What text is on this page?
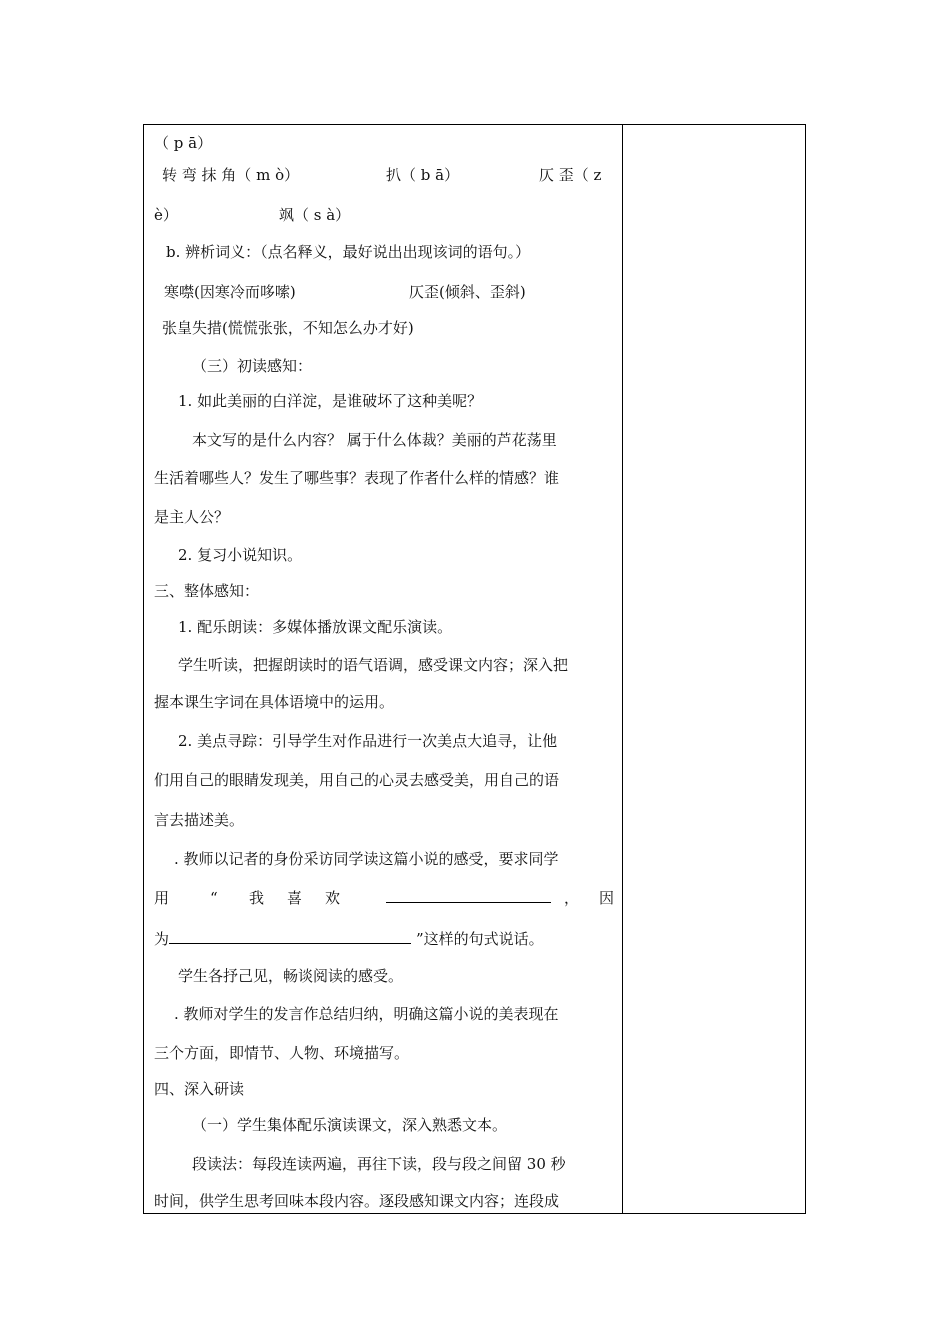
（ p ā）
转 弯 抹 角（ m ò）	扒（ b ā）	仄 歪（ z
è）	飒（ s à）
b. 辨析词义：（点名释义，最好说出出现该词的语句。）
寒噤(因寒冷而哆嗦)	仄歪(倾斜、歪斜)
张皇失措(慌慌张张，不知怎么办才好)
（三）初读感知：
1. 如此美丽的白洋淀，是谁破坏了这种美呢？
本文写的是什么内容？ 属于什么体裁？美丽的芦花荡里
生活着哪些人？发生了哪些事？表现了作者什么样的情感？谁
是主人公？
2. 复习小说知识。
三、整体感知：
1. 配乐朗读：多媒体播放课文配乐演读。
学生听读，把握朗读时的语气语调，感受课文内容；深入把
握本课生字词在具体语境中的运用。
2. 美点寻踪：引导学生对作品进行一次美点大追寻，让他
们用自己的眼睛发现美，用自己的心灵去感受美，用自己的语
言去描述美。
. 教师以记者的身份采访同学读这篇小说的感受，要求同学
用	“ 我 喜 欢	， 因
为	”这样的句式说话。
学生各抒己见，畅谈阅读的感受。
. 教师对学生的发言作总结归纳，明确这篇小说的美表现在
三个方面，即情节、人物、环境描写。
四、深入研读
（一）学生集体配乐演读课文，深入熟悉文本。
段读法：每段连读两遍，再往下读，段与段之间留 30 秒
时间，供学生思考回味本段内容。逐段感知课文内容；连段成
